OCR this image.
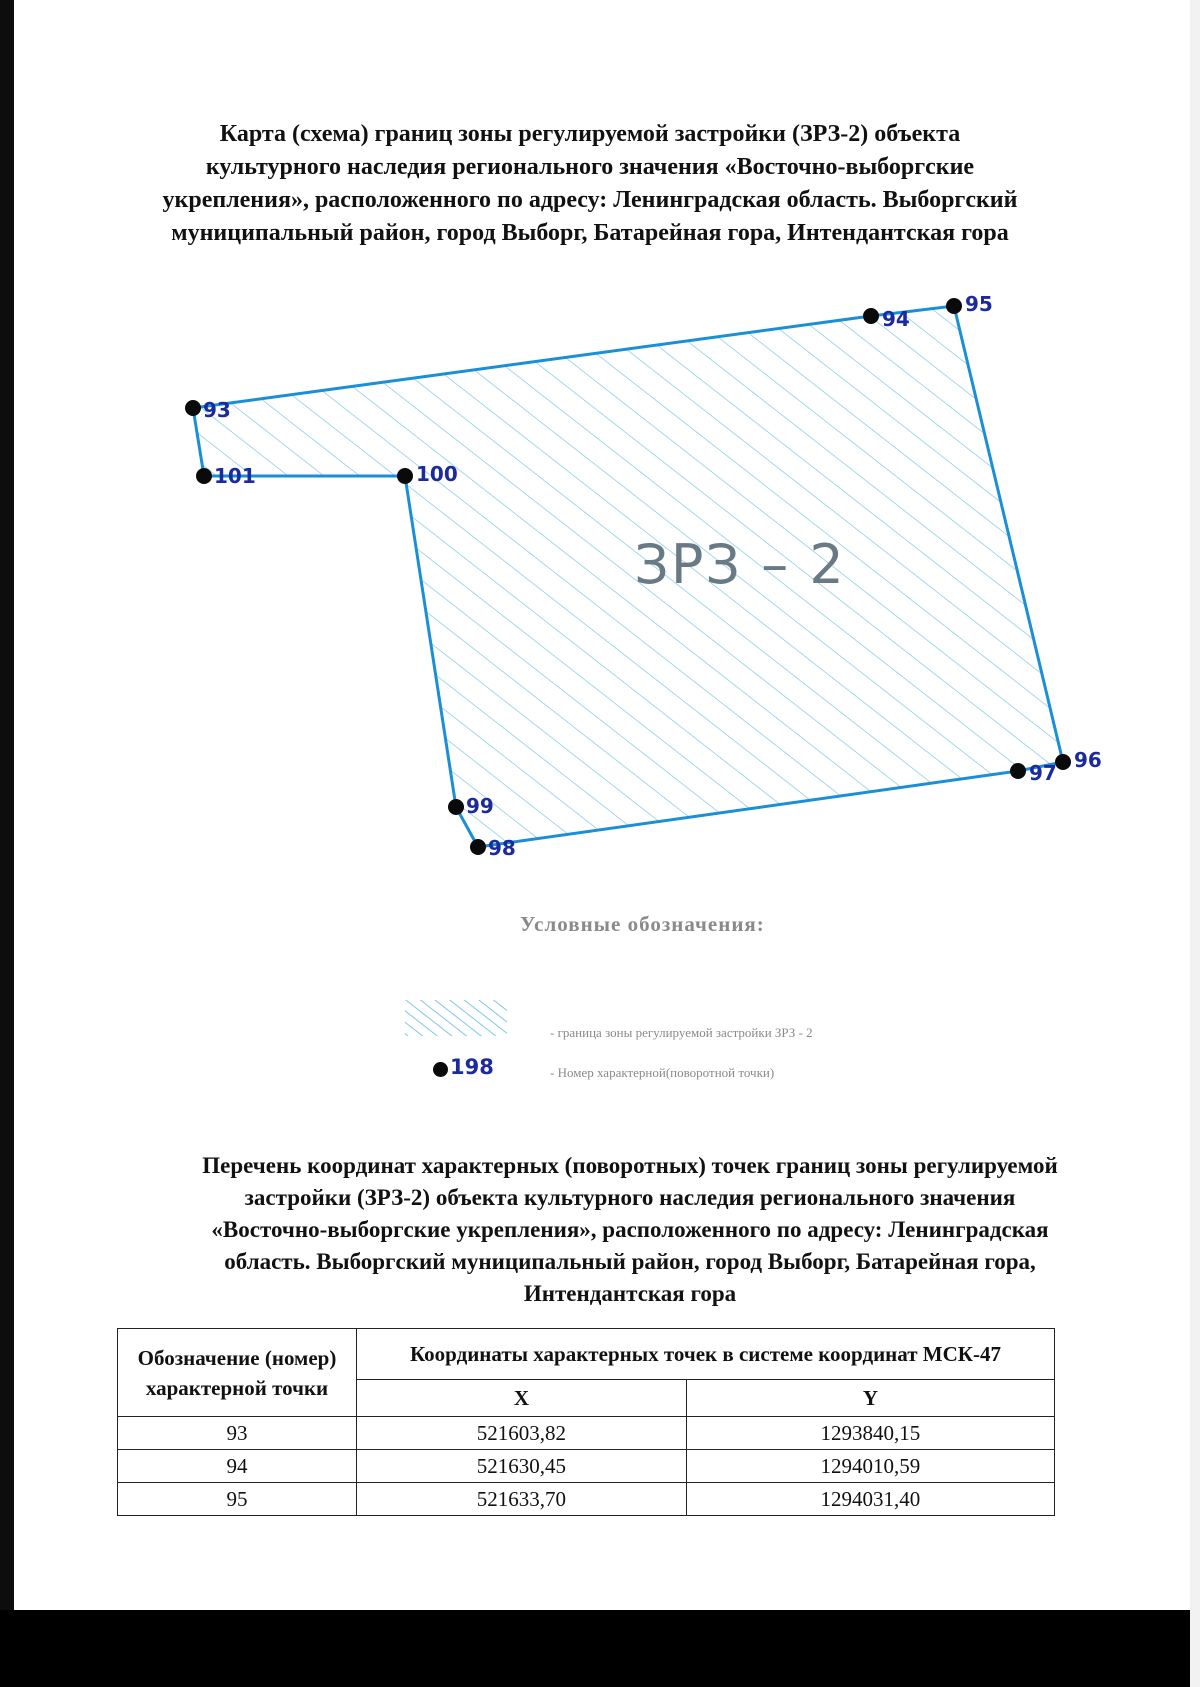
Карта (схема) границ зоны регулируемой застройки (ЗРЗ-2) объекта
культурного наследия регионального значения «Восточно-выборгские
укрепления», расположенного по адресу: Ленинградская область. Выборгский
муниципальный район, город Выборг, Батарейная гора, Интендантская гора
ЗРЗ – 2
93
94
95
96
97
98
99
100
101
Условные обозначения:
- граница зоны регулируемой застройки ЗРЗ - 2
198	- Номер характерной(поворотной точки)
Перечень координат характерных (поворотных) точек границ зоны регулируемой
застройки (ЗРЗ-2) объекта культурного наследия регионального значения
«Восточно-выборгские укрепления», расположенного по адресу: Ленинградская
область. Выборгский муниципальный район, город Выборг, Батарейная гора,
Интендантская гора
Обозначение (номер) характерной точки	Координаты характерных точек в системе координат МСК-47	
	X	Y
93	521603,82	1293840,15
94	521630,45	1294010,59
95	521633,70	1294031,40
